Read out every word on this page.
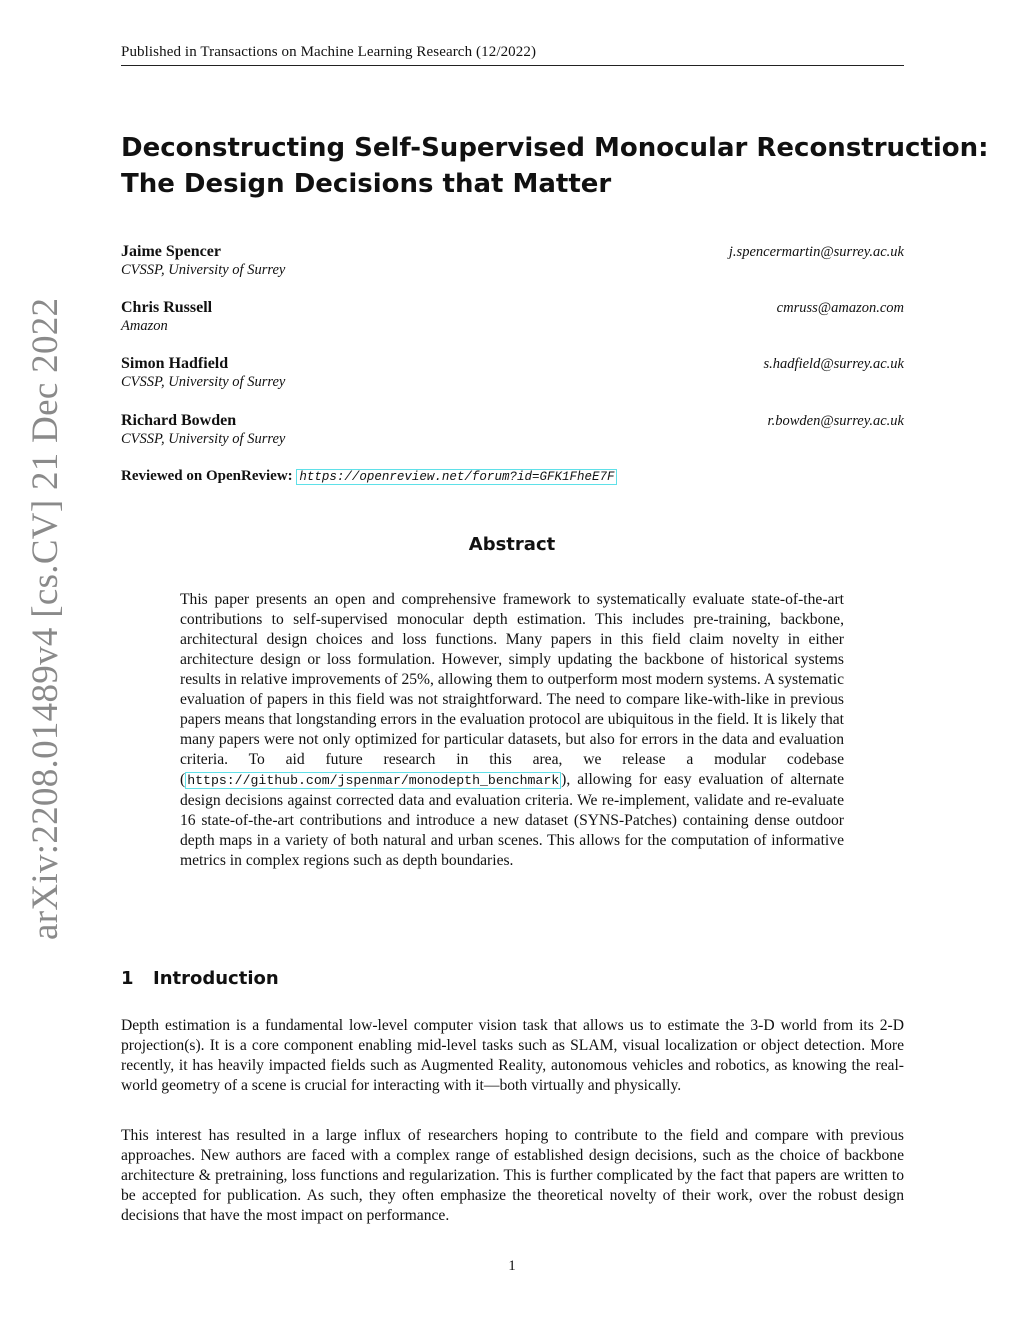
Published in Transactions on Machine Learning Research (12/2022)
arXiv:2208.01489v4 [cs.CV] 21 Dec 2022
Deconstructing Self-Supervised Monocular Reconstruction:
The Design Decisions that Matter
Jaime Spencer	j.spencermartin@surrey.ac.uk
CVSSP, University of Surrey
Chris Russell	cmruss@amazon.com
Amazon
Simon Hadfield	s.hadfield@surrey.ac.uk
CVSSP, University of Surrey
Richard Bowden	r.bowden@surrey.ac.uk
CVSSP, University of Surrey
Reviewed on OpenReview: https://openreview.net/forum?id=GFK1FheE7F
Abstract

This paper presents an open and comprehensive framework to systematically evaluate state-of-the-art contributions to self-supervised monocular depth estimation. This includes pre-training, backbone, architectural design choices and loss functions. Many papers in this field claim novelty in either architecture design or loss formulation. However, simply updating the backbone of historical systems results in relative improvements of 25%, allowing them to outperform most modern systems. A systematic evaluation of papers in this field was not straightforward. The need to compare like-with-like in previous papers means that longstanding errors in the evaluation protocol are ubiquitous in the field. It is likely that many papers were not only optimized for particular datasets, but also for errors in the data and evaluation criteria. To aid future research in this area, we release a modular codebase ( https://github.com/jspenmar/monodepth_benchmark ), allowing for easy evaluation of alternate design decisions against corrected data and evaluation criteria. We re-implement, validate and re-evaluate 16 state-of-the-art contributions and introduce a new dataset (SYNS-Patches) containing dense outdoor depth maps in a variety of both natural and urban scenes. This allows for the computation of informative metrics in complex regions such as depth boundaries.

1 Introduction

Depth estimation is a fundamental low-level computer vision task that allows us to estimate the 3-D world from its 2-D projection(s). It is a core component enabling mid-level tasks such as SLAM, visual localization or object detection. More recently, it has heavily impacted fields such as Augmented Reality, autonomous vehicles and robotics, as knowing the real-world geometry of a scene is crucial for interacting with it—both virtually and physically.

This interest has resulted in a large influx of researchers hoping to contribute to the field and compare with previous approaches. New authors are faced with a complex range of established design decisions, such as the choice of backbone architecture & pretraining, loss functions and regularization. This is further complicated by the fact that papers are written to be accepted for publication. As such, they often emphasize the theoretical novelty of their work, over the robust design decisions that have the most impact on performance.

1
